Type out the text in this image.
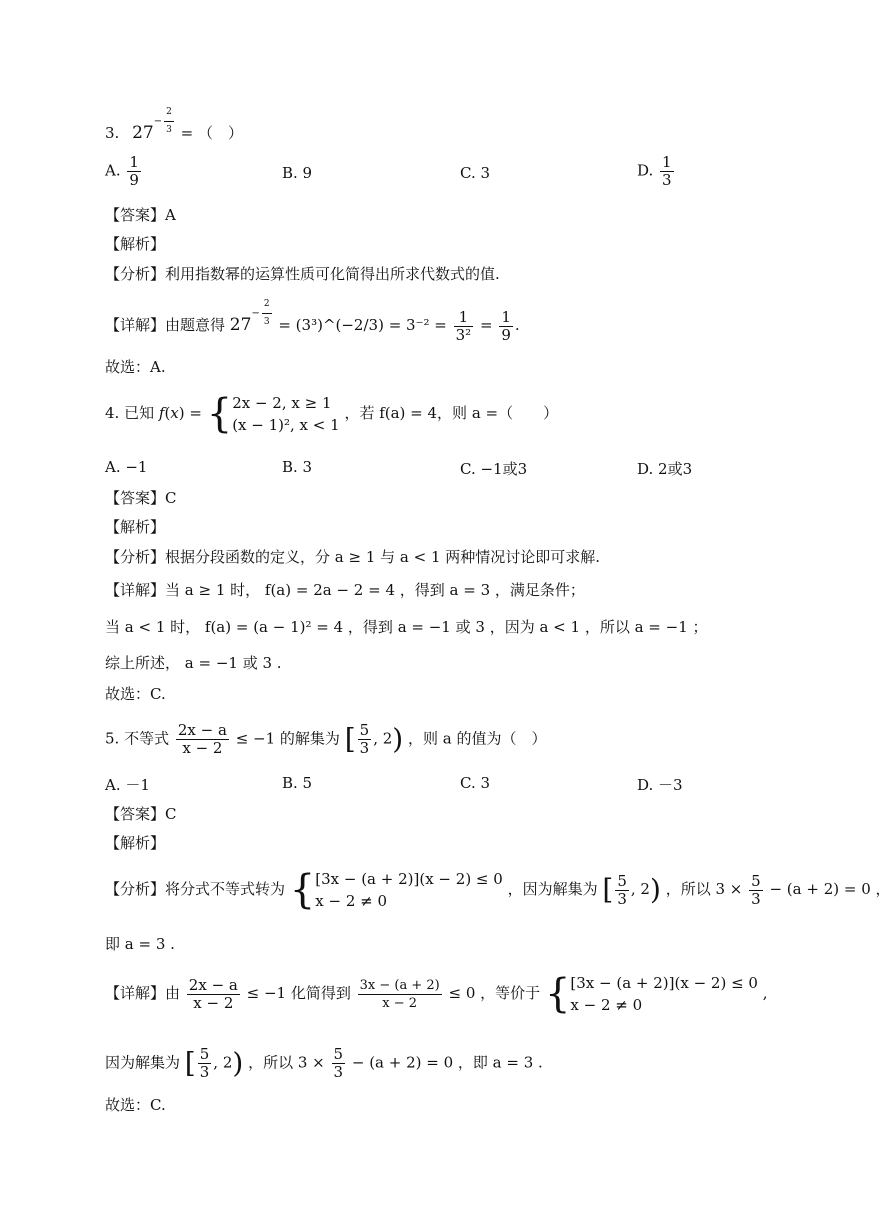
3. $27^{- \frac{2}{3}}$ = （　）
A. $\frac{1}{9}$	B. 9	C. 3	D. $\frac{1}{3}$
【答案】A
【解析】
【分析】利用指数幂的运算性质可化简得出所求代数式的值.
【详解】由题意得 $27^{- \frac{2}{3}}$ = (3³)^(−2/3) = $3^{-2} = \frac{1}{\text{3²}} = \frac{1}{9}$ .
故选：A.
4. 已知 f(x) = { 2x − 2, x ≥ 1
(x − 1)², x < 1
，若 f(a) = 4，则 a =（　　）
A. −1	B. 3	C. −1或3	D. 2或3
【答案】C
【解析】
【分析】根据分段函数的定义，分 a ≥ 1 与 a < 1 两种情况讨论即可求解.
【详解】当 a ≥ 1 时， f(a) = 2a − 2 = 4 ，得到 a = 3 ，满足条件；
当 a < 1 时， f(a) = (a − 1)² = 4 ，得到 a = −1 或 3 ，因为 a < 1 ，所以 a = −1 ；
综上所述， a = −1 或 3 .
故选：C.
5. 不等式 $\frac{2x - a}{x - 2} \le -1$ 的解集为 [ $\frac{5}{3}$ , 2) ，则 a 的值为（　）
A. －1	B. 5	C. 3	D. －3
【答案】C
【解析】
【分析】将分式不等式转为 { [3x − (a + 2)](x − 2) ≤ 0
x − 2 ≠ 0
，因为解集为 [ $\frac{5}{3}$ , 2) ，所以 $3 \times \frac{5}{3} - (a + 2) = 0$ ，
即 a = 3 .
【详解】由 $\frac{2x - a}{x - 2} \le -1$ 化简得到 $\frac{3x - (a + 2)}{x - 2} \le 0$ ，等价于 { [3x − (a + 2)](x − 2) ≤ 0
x − 2 ≠ 0
,
因为解集为 [ $\frac{5}{3}$ , 2) ，所以 $3 \times \frac{5}{3} - (a + 2) = 0$ ，即 a = 3 .
故选：C.
